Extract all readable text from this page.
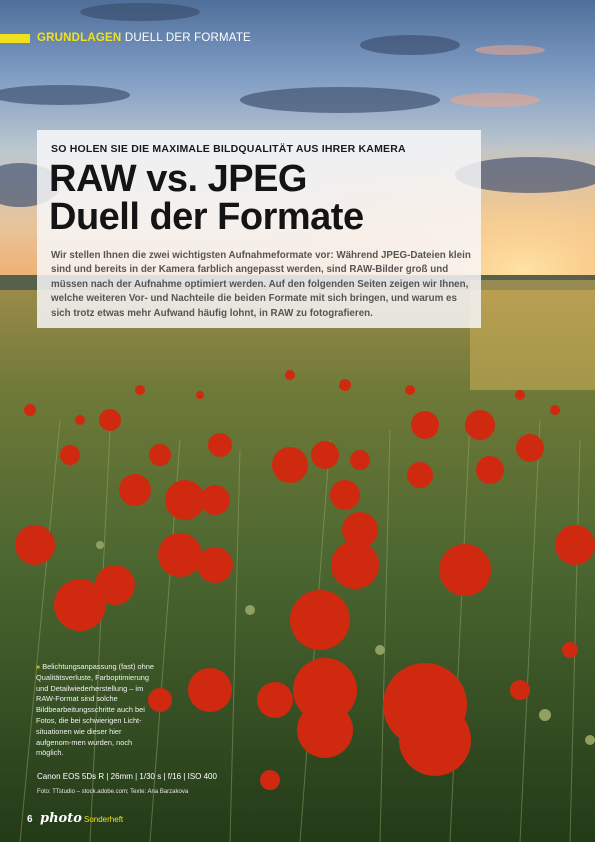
GRUNDLAGEN DUELL DER FORMATE
SO HOLEN SIE DIE MAXIMALE BILDQUALITÄT AUS IHRER KAMERA
RAW vs. JPEG
Duell der Formate
Wir stellen Ihnen die zwei wichtigsten Aufnahmeformate vor: Während JPEG-Dateien klein sind und bereits in der Kamera farblich angepasst werden, sind RAW-Bilder groß und müssen nach der Aufnahme optimiert werden. Auf den folgenden Seiten zeigen wir Ihnen, welche weiteren Vor- und Nachteile die beiden Formate mit sich bringen, und warum es sich trotz etwas mehr Aufwand häufig lohnt, in RAW zu fotografieren.
» Belichtungsanpassung (fast) ohne Qualitätsverluste, Farboptimierung und Detailwiederherstellung – im RAW-Format sind solche Bildbearbeitungsschritte auch bei Fotos, die bei schwierigen Licht-situationen wie dieser hier aufgenom-men wurden, noch möglich.
Canon EOS 5Ds R | 26mm | 1/30 s | f/16 | ISO 400
Foto: TTstudio – stock.adobe.com; Texte: Ana Barzakova
6 photo Sonderheft
